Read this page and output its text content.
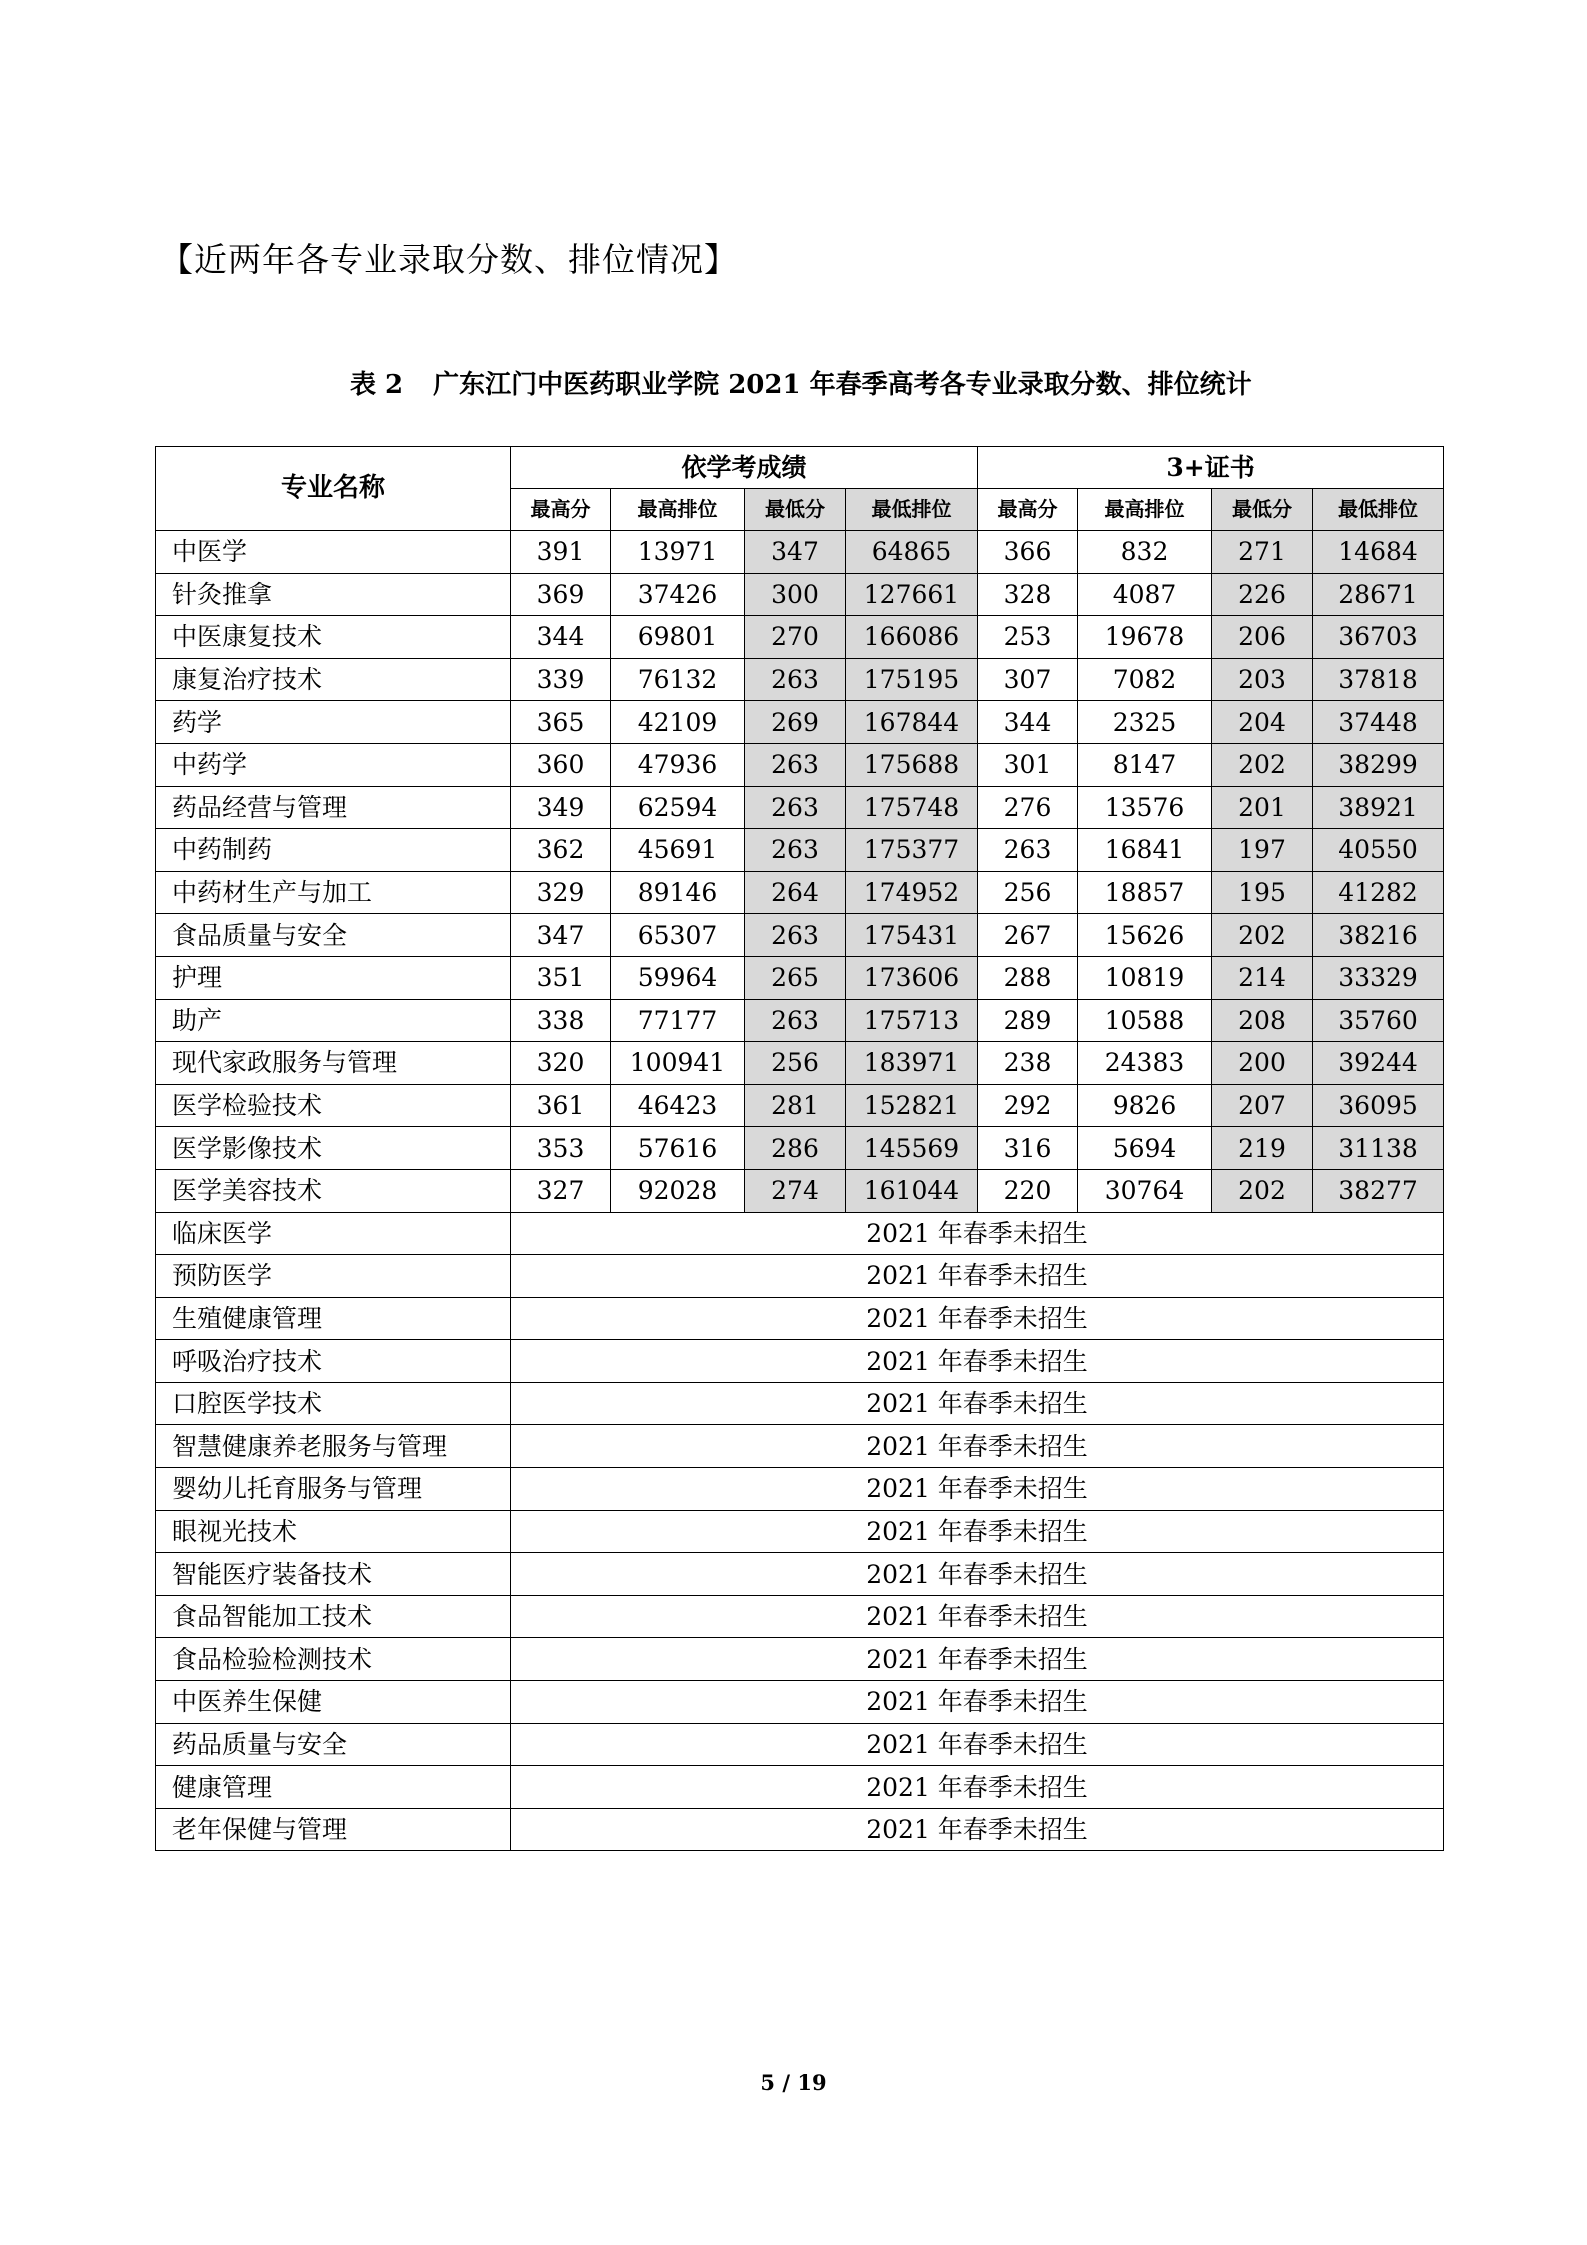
【近两年各专业录取分数、排位情况】
表 2 广东江门中医药职业学院 2021 年春季高考各专业录取分数、排位统计
专业名称	依学考成绩				3+证书			
	最高分	最高排位	最低分	最低排位	最高分	最高排位	最低分	最低排位
中医学	391	13971	347	64865	366	832	271	14684
针灸推拿	369	37426	300	127661	328	4087	226	28671
中医康复技术	344	69801	270	166086	253	19678	206	36703
康复治疗技术	339	76132	263	175195	307	7082	203	37818
药学	365	42109	269	167844	344	2325	204	37448
中药学	360	47936	263	175688	301	8147	202	38299
药品经营与管理	349	62594	263	175748	276	13576	201	38921
中药制药	362	45691	263	175377	263	16841	197	40550
中药材生产与加工	329	89146	264	174952	256	18857	195	41282
食品质量与安全	347	65307	263	175431	267	15626	202	38216
护理	351	59964	265	173606	288	10819	214	33329
助产	338	77177	263	175713	289	10588	208	35760
现代家政服务与管理	320	100941	256	183971	238	24383	200	39244
医学检验技术	361	46423	281	152821	292	9826	207	36095
医学影像技术	353	57616	286	145569	316	5694	219	31138
医学美容技术	327	92028	274	161044	220	30764	202	38277
临床医学	2021 年春季未招生							
预防医学	2021 年春季未招生							
生殖健康管理	2021 年春季未招生							
呼吸治疗技术	2021 年春季未招生							
口腔医学技术	2021 年春季未招生							
智慧健康养老服务与管理	2021 年春季未招生							
婴幼儿托育服务与管理	2021 年春季未招生							
眼视光技术	2021 年春季未招生							
智能医疗装备技术	2021 年春季未招生							
食品智能加工技术	2021 年春季未招生							
食品检验检测技术	2021 年春季未招生							
中医养生保健	2021 年春季未招生							
药品质量与安全	2021 年春季未招生							
健康管理	2021 年春季未招生							
老年保健与管理	2021 年春季未招生							
5 / 19
